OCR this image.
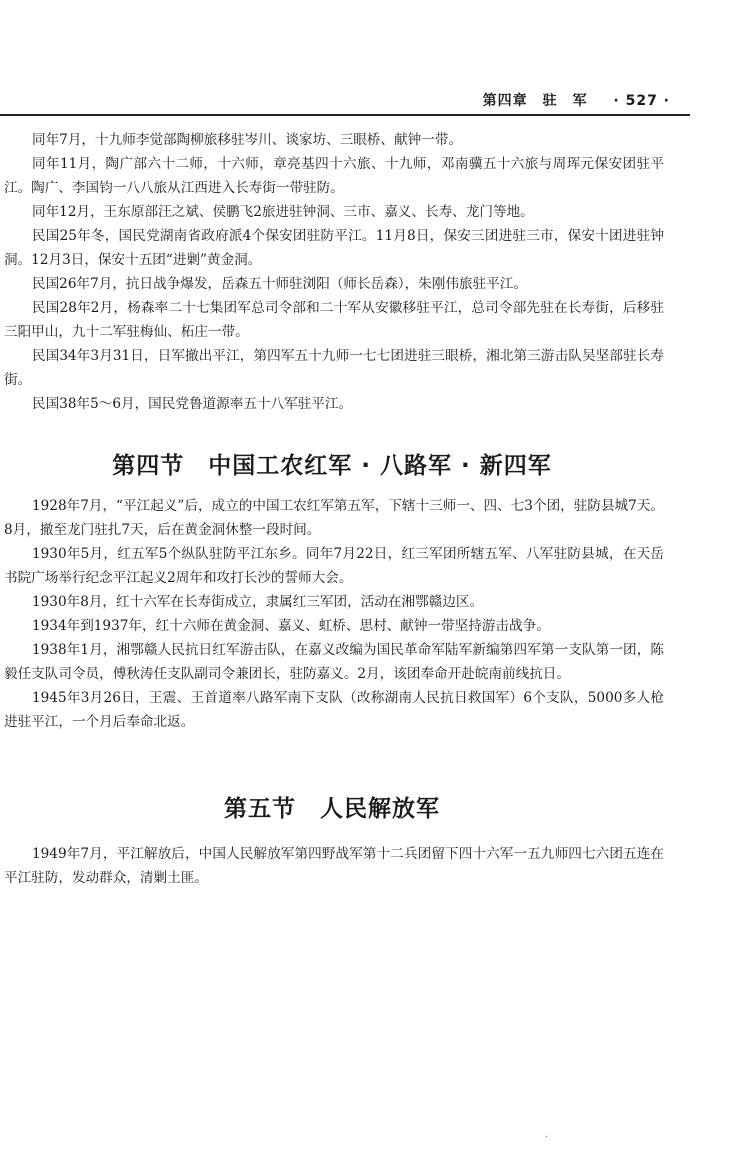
第四章　驻　军 · 527 ·

同年7月，十九师李觉部陶柳旅移驻岑川、谈家坊、三眼桥、献钟一带。

同年11月，陶广部六十二师，十六师，章亮基四十六旅、十九师，邓南骥五十六旅与周珲元保安团驻平江。陶广、李国钧一八八旅从江西进入长寿街一带驻防。

同年12月，王东原部汪之斌、侯鹏飞2旅进驻钟洞、三市、嘉义、长寿、龙门等地。

民国25年冬，国民党湖南省政府派4个保安团驻防平江。11月8日，保安三团进驻三市，保安十团进驻钟洞。12月3日，保安十五团“进剿”黄金洞。

民国26年7月，抗日战争爆发，岳森五十师驻浏阳（师长岳森），朱刚伟旅驻平江。

民国28年2月，杨森率二十七集团军总司令部和二十军从安徽移驻平江，总司令部先驻在长寿街，后移驻三阳甲山，九十二军驻梅仙、柘庄一带。

民国34年3月31日，日军撤出平江，第四军五十九师一七七团进驻三眼桥，湘北第三游击队吴坚部驻长寿街。

民国38年5～6月，国民党鲁道源率五十八军驻平江。

第四节　中国工农红军 · 八路军 · 新四军

1928年7月，“平江起义”后，成立的中国工农红军第五军，下辖十三师一、四、七3个团，驻防县城7天。8月，撤至龙门驻扎7天，后在黄金洞休整一段时间。

1930年5月，红五军5个纵队驻防平江东乡。同年7月22日，红三军团所辖五军、八军驻防县城，在天岳书院广场举行纪念平江起义2周年和攻打长沙的誓师大会。

1930年8月，红十六军在长寿街成立，隶属红三军团，活动在湘鄂赣边区。

1934年到1937年，红十六师在黄金洞、嘉义、虹桥、思村、献钟一带坚持游击战争。

1938年1月，湘鄂赣人民抗日红军游击队，在嘉义改编为国民革命军陆军新编第四军第一支队第一团，陈毅任支队司令员，傅秋涛任支队副司令兼团长，驻防嘉义。2月，该团奉命开赴皖南前线抗日。

1945年3月26日，王震、王首道率八路军南下支队（改称湖南人民抗日救国军）6个支队，5000多人枪进驻平江，一个月后奉命北返。

第五节　人民解放军

1949年7月，平江解放后，中国人民解放军第四野战军第十二兵团留下四十六军一五九师四七六团五连在平江驻防，发动群众，清剿土匪。

·
